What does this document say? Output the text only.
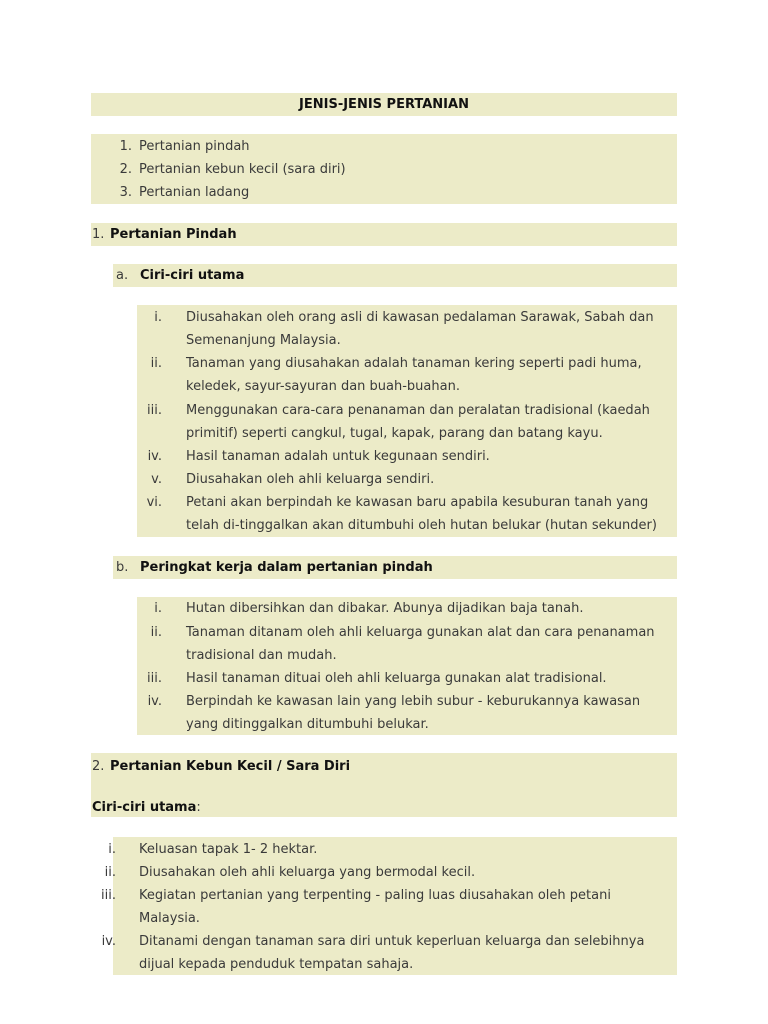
JENIS-JENIS PERTANIAN
1. Pertanian pindah
2. Pertanian kebun kecil (sara diri)
3. Pertanian ladang
1. Pertanian Pindah
a. Ciri-ciri utama
i. Diusahakan oleh orang asli di kawasan pedalaman Sarawak, Sabah dan
Semenanjung Malaysia.
ii. Tanaman yang diusahakan adalah tanaman kering seperti padi huma,
keledek, sayur-sayuran dan buah-buahan.
iii. Menggunakan cara-cara penanaman dan peralatan tradisional (kaedah
primitif) seperti cangkul, tugal, kapak, parang dan batang kayu.
iv. Hasil tanaman adalah untuk kegunaan sendiri.
v. Diusahakan oleh ahli keluarga sendiri.
vi. Petani akan berpindah ke kawasan baru apabila kesuburan tanah yang
telah di-tinggalkan akan ditumbuhi oleh hutan belukar (hutan sekunder)
b. Peringkat kerja dalam pertanian pindah
i. Hutan dibersihkan dan dibakar. Abunya dijadikan baja tanah.
ii. Tanaman ditanam oleh ahli keluarga gunakan alat dan cara penanaman
tradisional dan mudah.
iii. Hasil tanaman dituai oleh ahli keluarga gunakan alat tradisional.
iv. Berpindah ke kawasan lain yang lebih subur - keburukannya kawasan
yang ditinggalkan ditumbuhi belukar.
2. Pertanian Kebun Kecil / Sara Diri
Ciri-ciri utama:
i. Keluasan tapak 1- 2 hektar.
ii. Diusahakan oleh ahli keluarga yang bermodal kecil.
iii. Kegiatan pertanian yang terpenting - paling luas diusahakan oleh petani
Malaysia.
iv. Ditanami dengan tanaman sara diri untuk keperluan keluarga dan selebihnya
dijual kepada penduduk tempatan sahaja.
